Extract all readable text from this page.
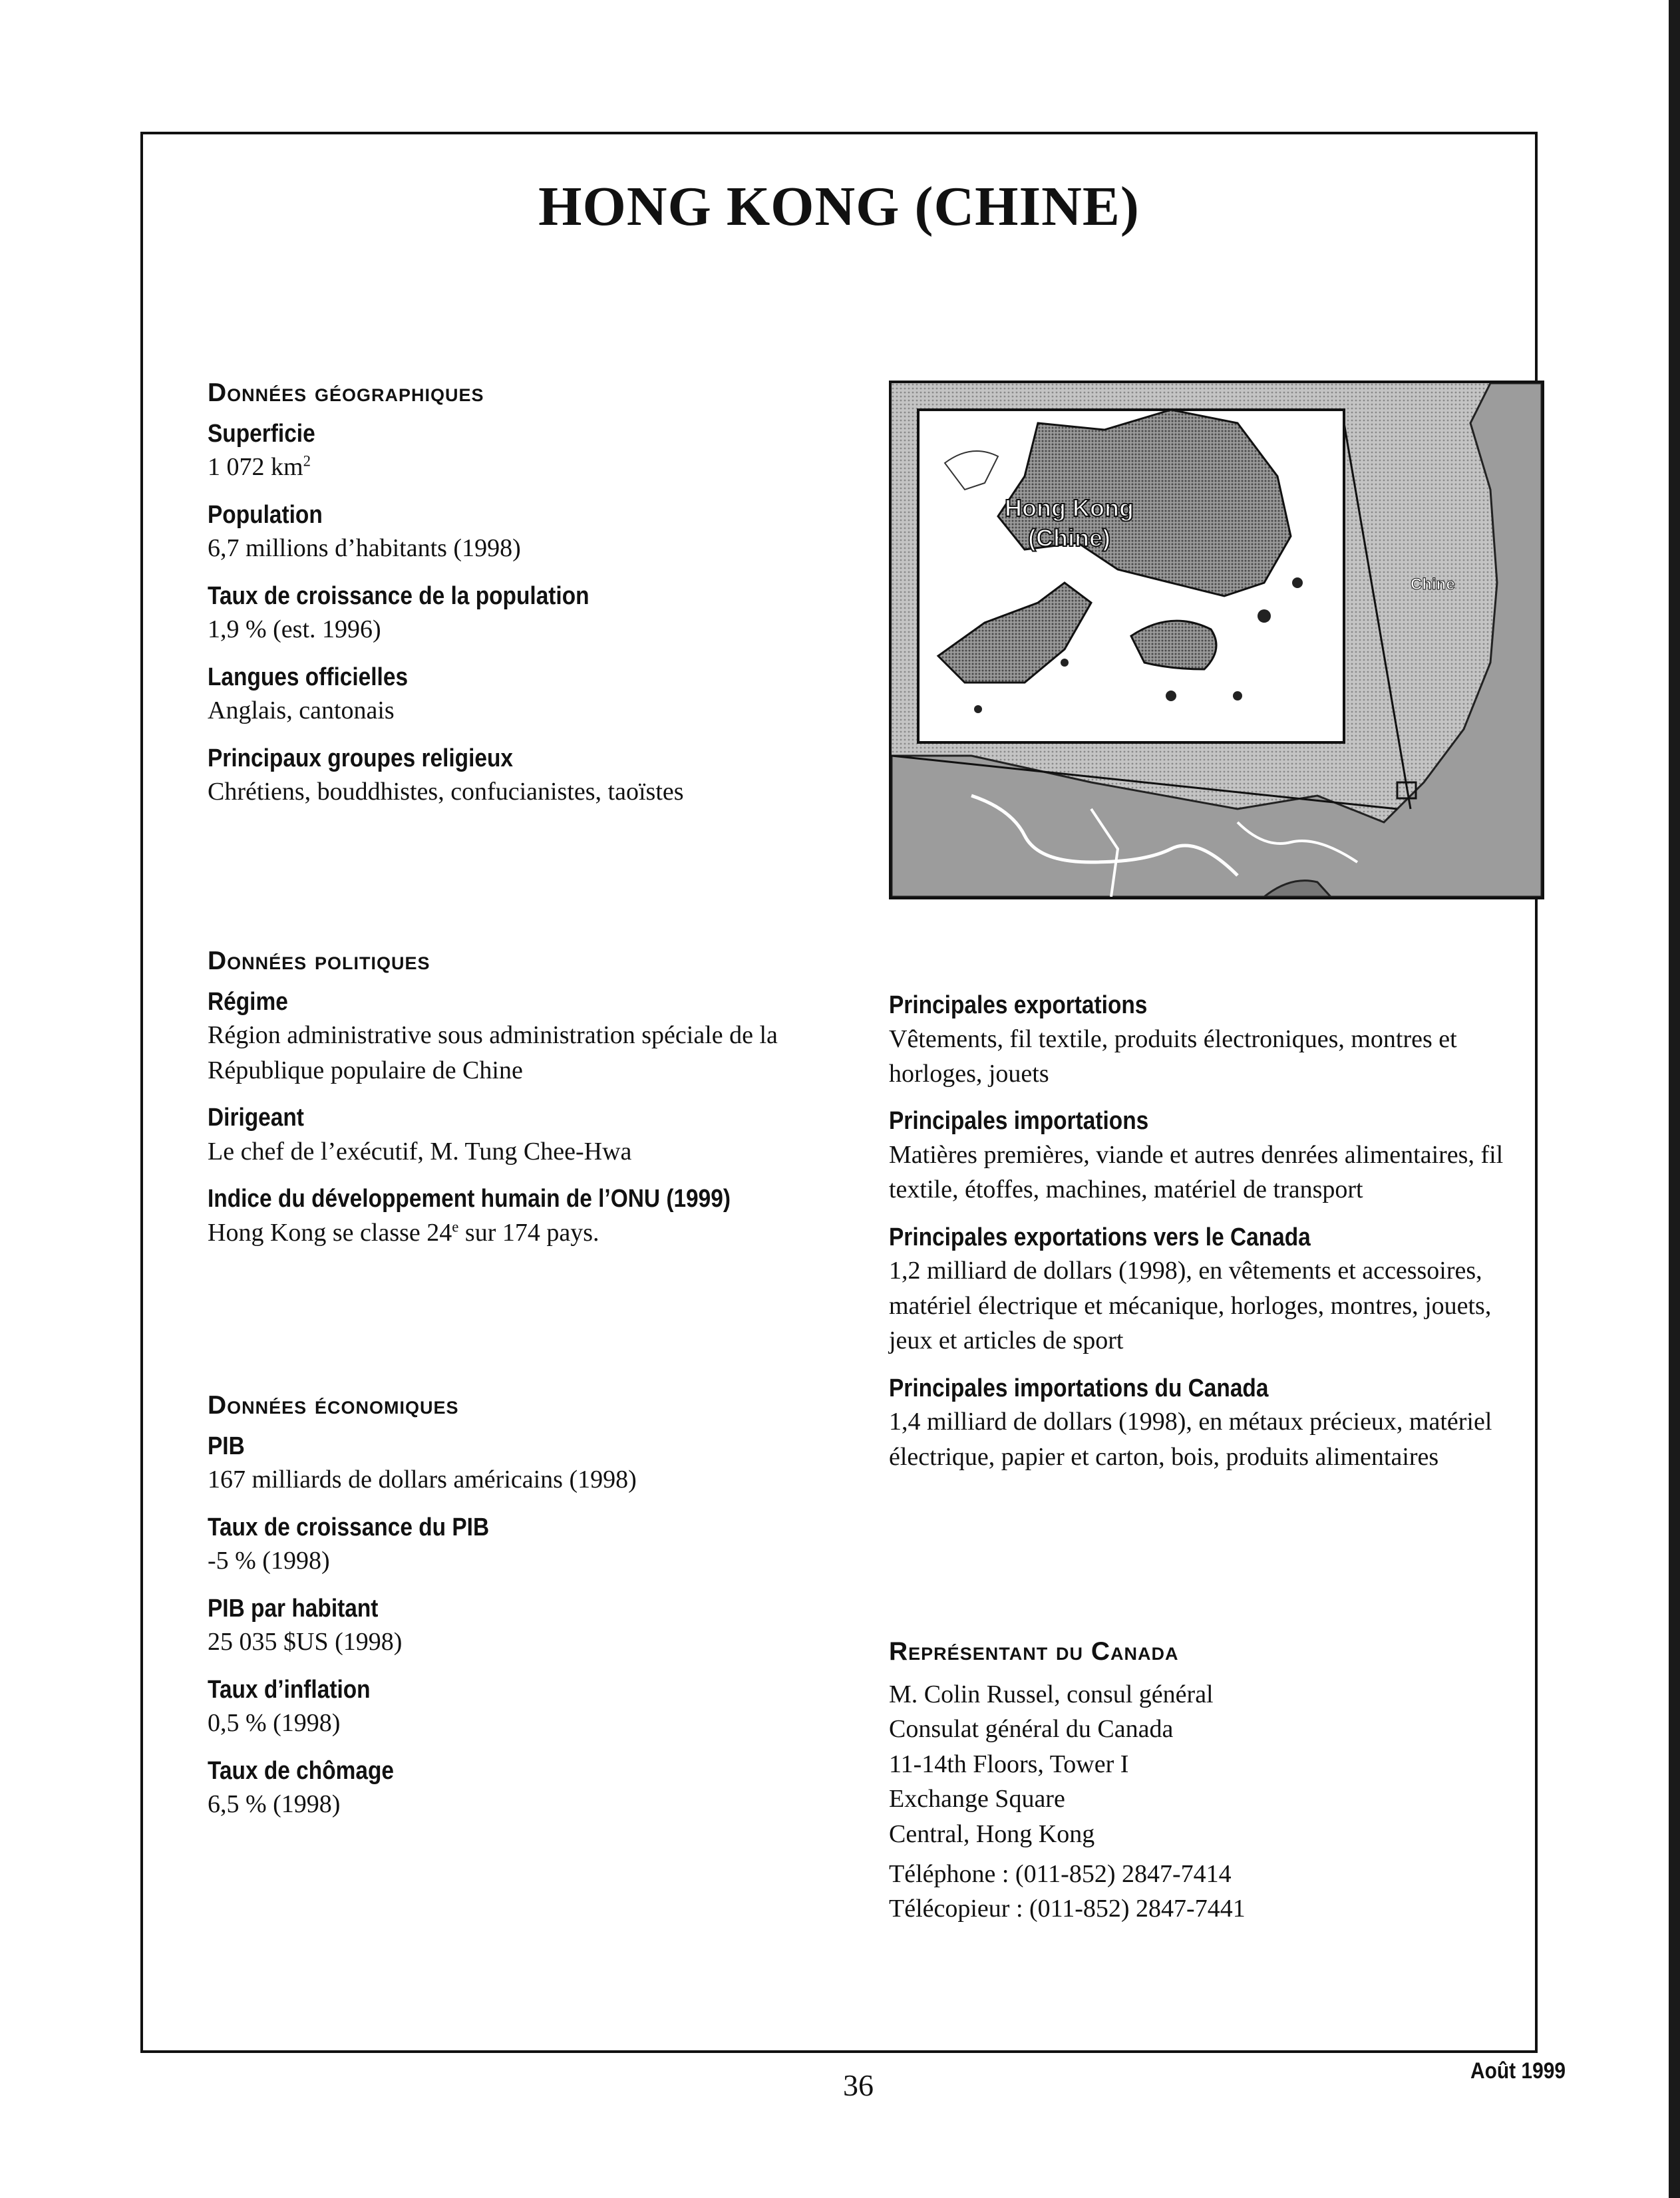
HONG KONG (CHINE)
Données géographiques
Superficie
1 072 $km^2$
Population
6,7 millions d’habitants (1998)
Taux de croissance de la population
1,9 % (est. 1996)
Langues officielles
Anglais, cantonais
Principaux groupes religieux
Chrétiens, bouddhistes, confucianistes, taoïstes
Données politiques
Régime
Région administrative sous administration spéciale de la République populaire de Chine
Dirigeant
Le chef de l’exécutif, M. Tung Chee-Hwa
Indice du développement humain de l’ONU (1999)
Hong Kong se classe 24e sur 174 pays.
Données économiques
PIB
167 milliards de dollars américains (1998)
Taux de croissance du PIB
-5 % (1998)
PIB par habitant
25 035 $US (1998)
Taux d’inflation
0,5 % (1998)
Taux de chômage
6,5 % (1998)
Hong Kong
(Chine)
Chine
Principales exportations
Vêtements, fil textile, produits électroniques, montres et horloges, jouets
Principales importations
Matières premières, viande et autres denrées alimentaires, fil textile, étoffes, machines, matériel de transport
Principales exportations vers le Canada
1,2 milliard de dollars (1998), en vêtements et accessoires, matériel électrique et mécanique, horloges, montres, jouets, jeux et articles de sport
Principales importations du Canada
1,4 milliard de dollars (1998), en métaux précieux, matériel électrique, papier et carton, bois, produits alimentaires
Représentant du Canada
M. Colin Russel, consul général
Consulat général du Canada
11-14th Floors, Tower I
Exchange Square
Central, Hong Kong
Téléphone : (011-852) 2847-7414
Télécopieur : (011-852) 2847-7441
36	Août 1999
